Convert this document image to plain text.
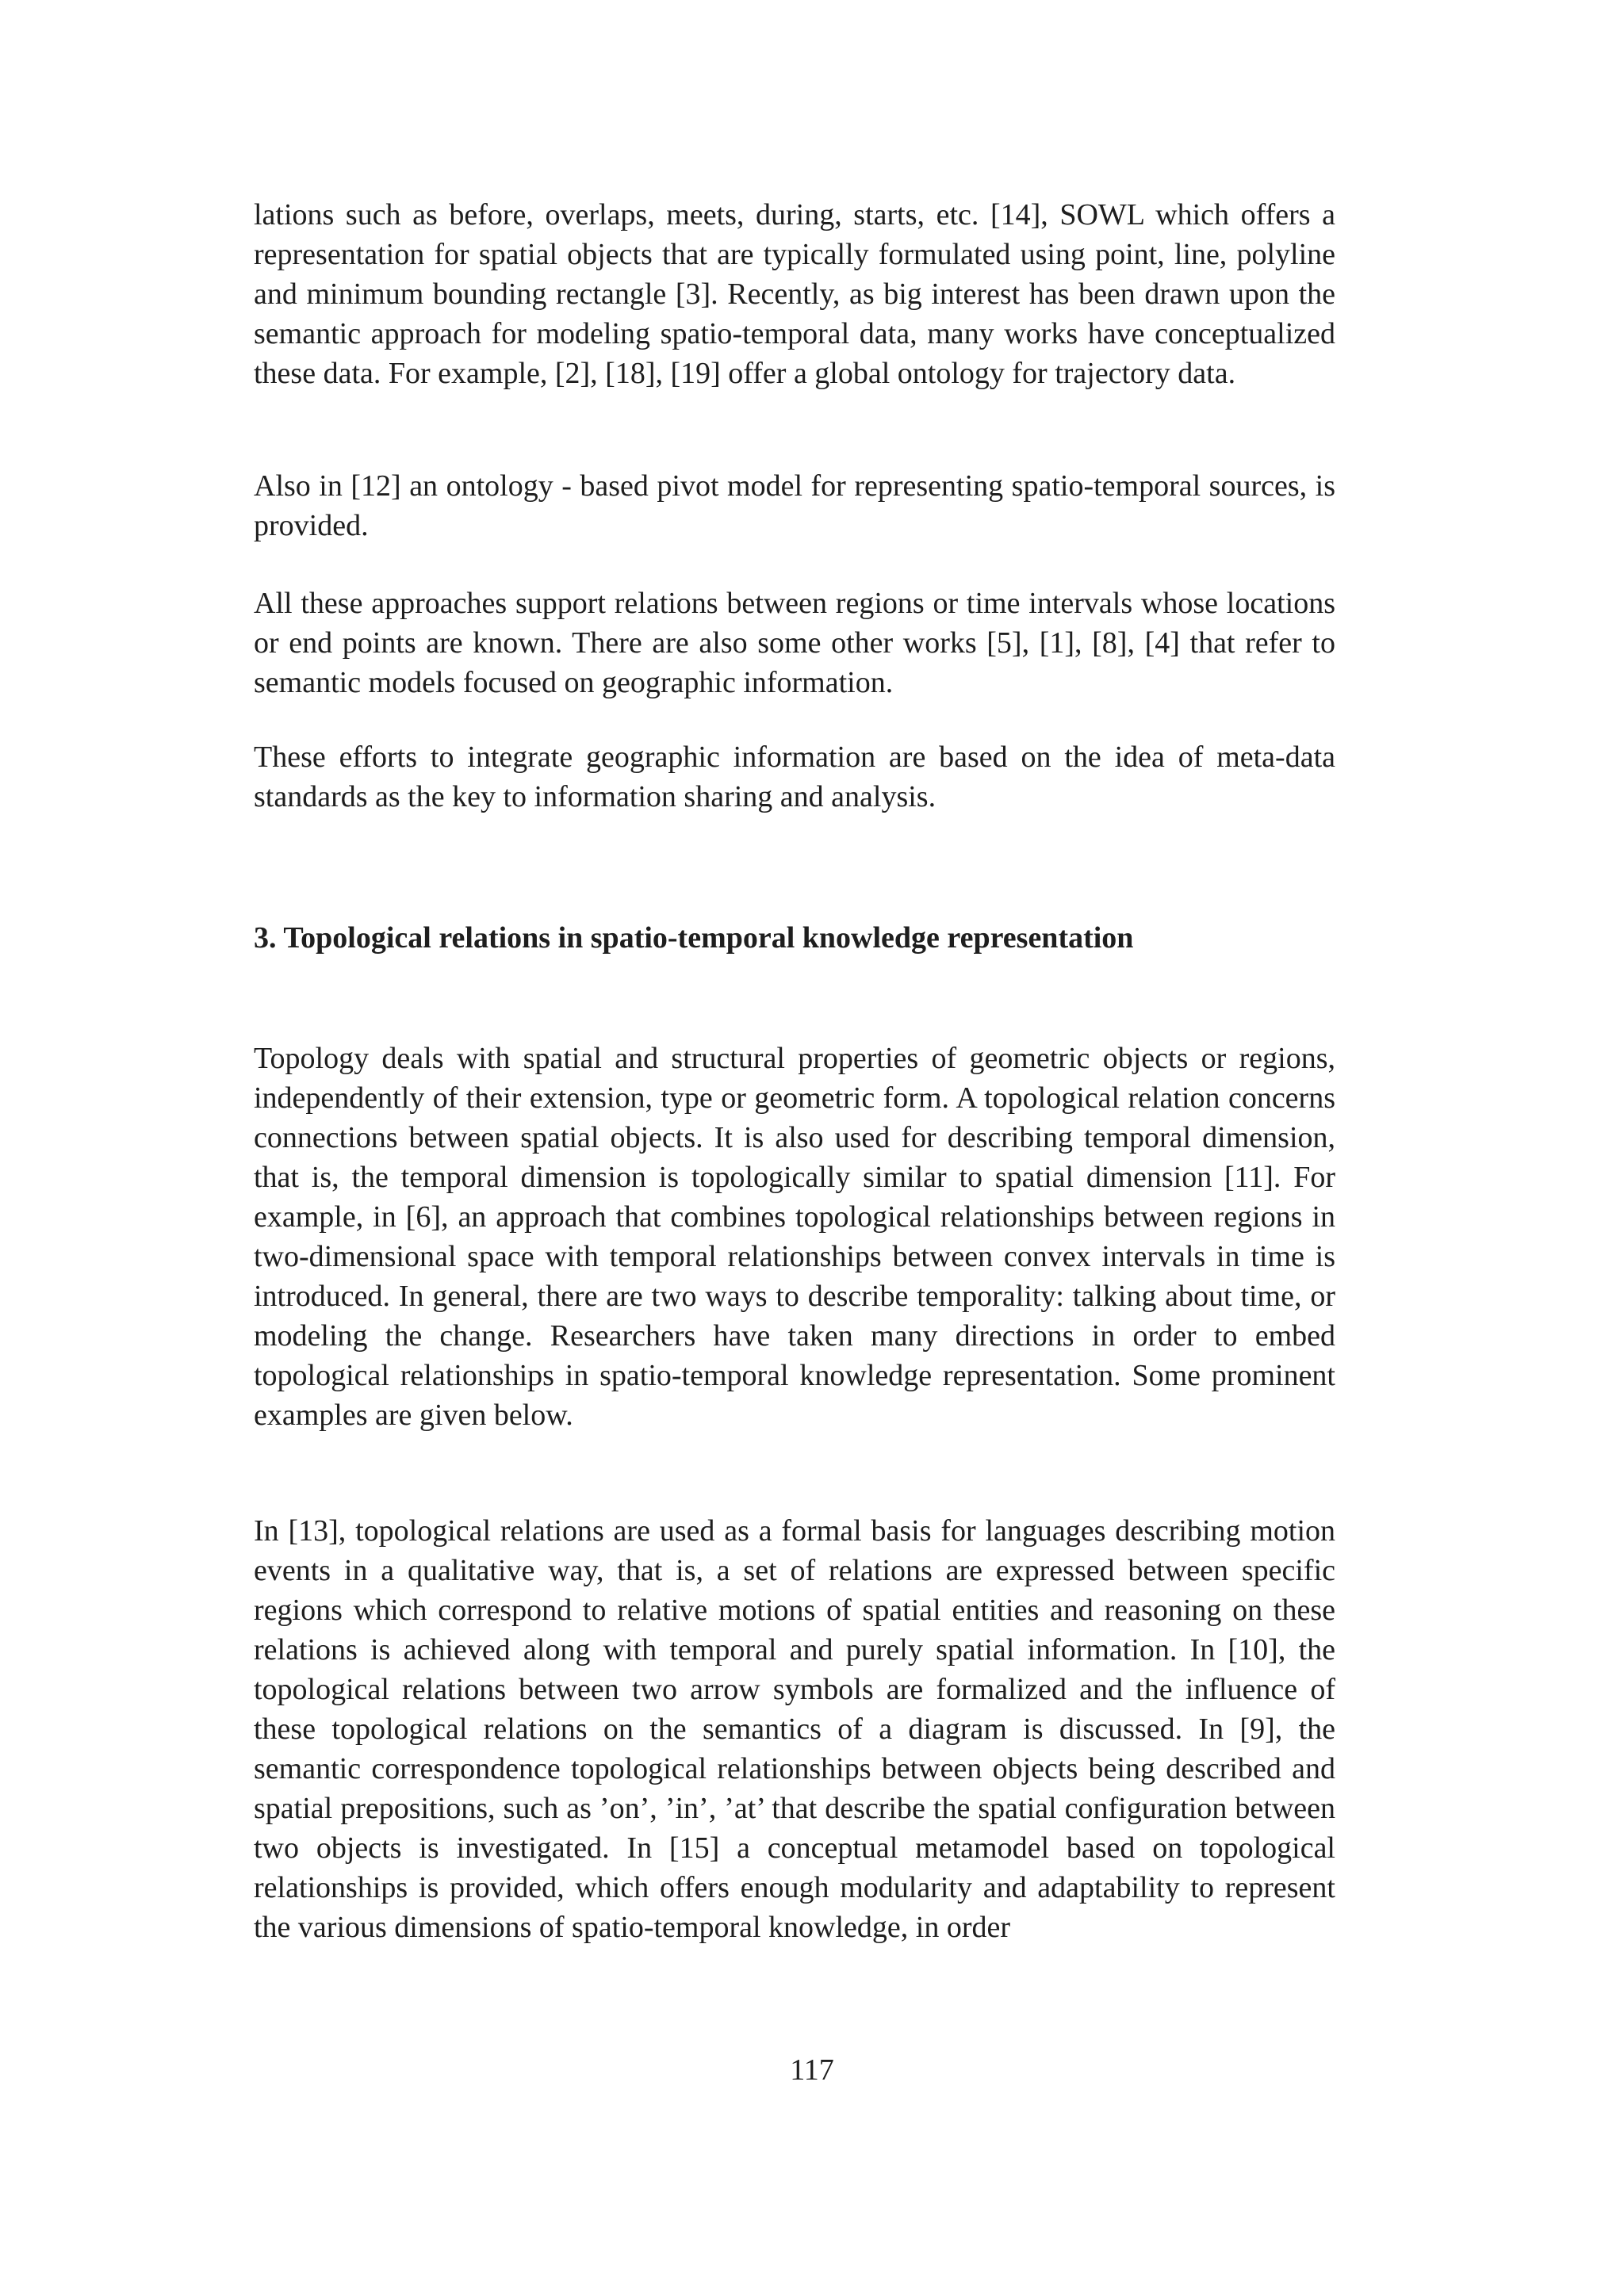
lations such as before, overlaps, meets, during, starts, etc. [14], SOWL which offers a representation for spatial objects that are typically formulated using point, line, polyline and minimum bounding rectangle [3]. Recently, as big interest has been drawn upon the semantic approach for modeling spatio-temporal data, many works have conceptualized these data. For example, [2], [18], [19] offer a global ontology for trajectory data.

Also in [12] an ontology - based pivot model for representing spatio-temporal sources, is provided.

All these approaches support relations between regions or time intervals whose locations or end points are known. There are also some other works [5], [1], [8], [4] that refer to semantic models focused on geographic information.

These efforts to integrate geographic information are based on the idea of meta-data standards as the key to information sharing and analysis.

3. Topological relations in spatio-temporal knowledge representation

Topology deals with spatial and structural properties of geometric objects or regions, independently of their extension, type or geometric form. A topological relation concerns connections between spatial objects. It is also used for describing temporal dimension, that is, the temporal dimension is topologically similar to spatial dimension [11]. For example, in [6], an approach that combines topological relationships between regions in two-dimensional space with temporal relationships between convex intervals in time is introduced. In general, there are two ways to describe temporality: talking about time, or modeling the change. Researchers have taken many directions in order to embed topological relationships in spatio-temporal knowledge representation. Some prominent examples are given below.

In [13], topological relations are used as a formal basis for languages describing motion events in a qualitative way, that is, a set of relations are expressed between specific regions which correspond to relative motions of spatial entities and reasoning on these relations is achieved along with temporal and purely spatial information. In [10], the topological relations between two arrow symbols are formalized and the influence of these topological relations on the semantics of a diagram is discussed. In [9], the semantic correspondence topological relationships between objects being described and spatial prepositions, such as ’on’, ’in’, ’at’ that describe the spatial configuration between two objects is investigated. In [15] a conceptual metamodel based on topological relationships is provided, which offers enough modularity and adaptability to represent the various dimensions of spatio-temporal knowledge, in order

117
